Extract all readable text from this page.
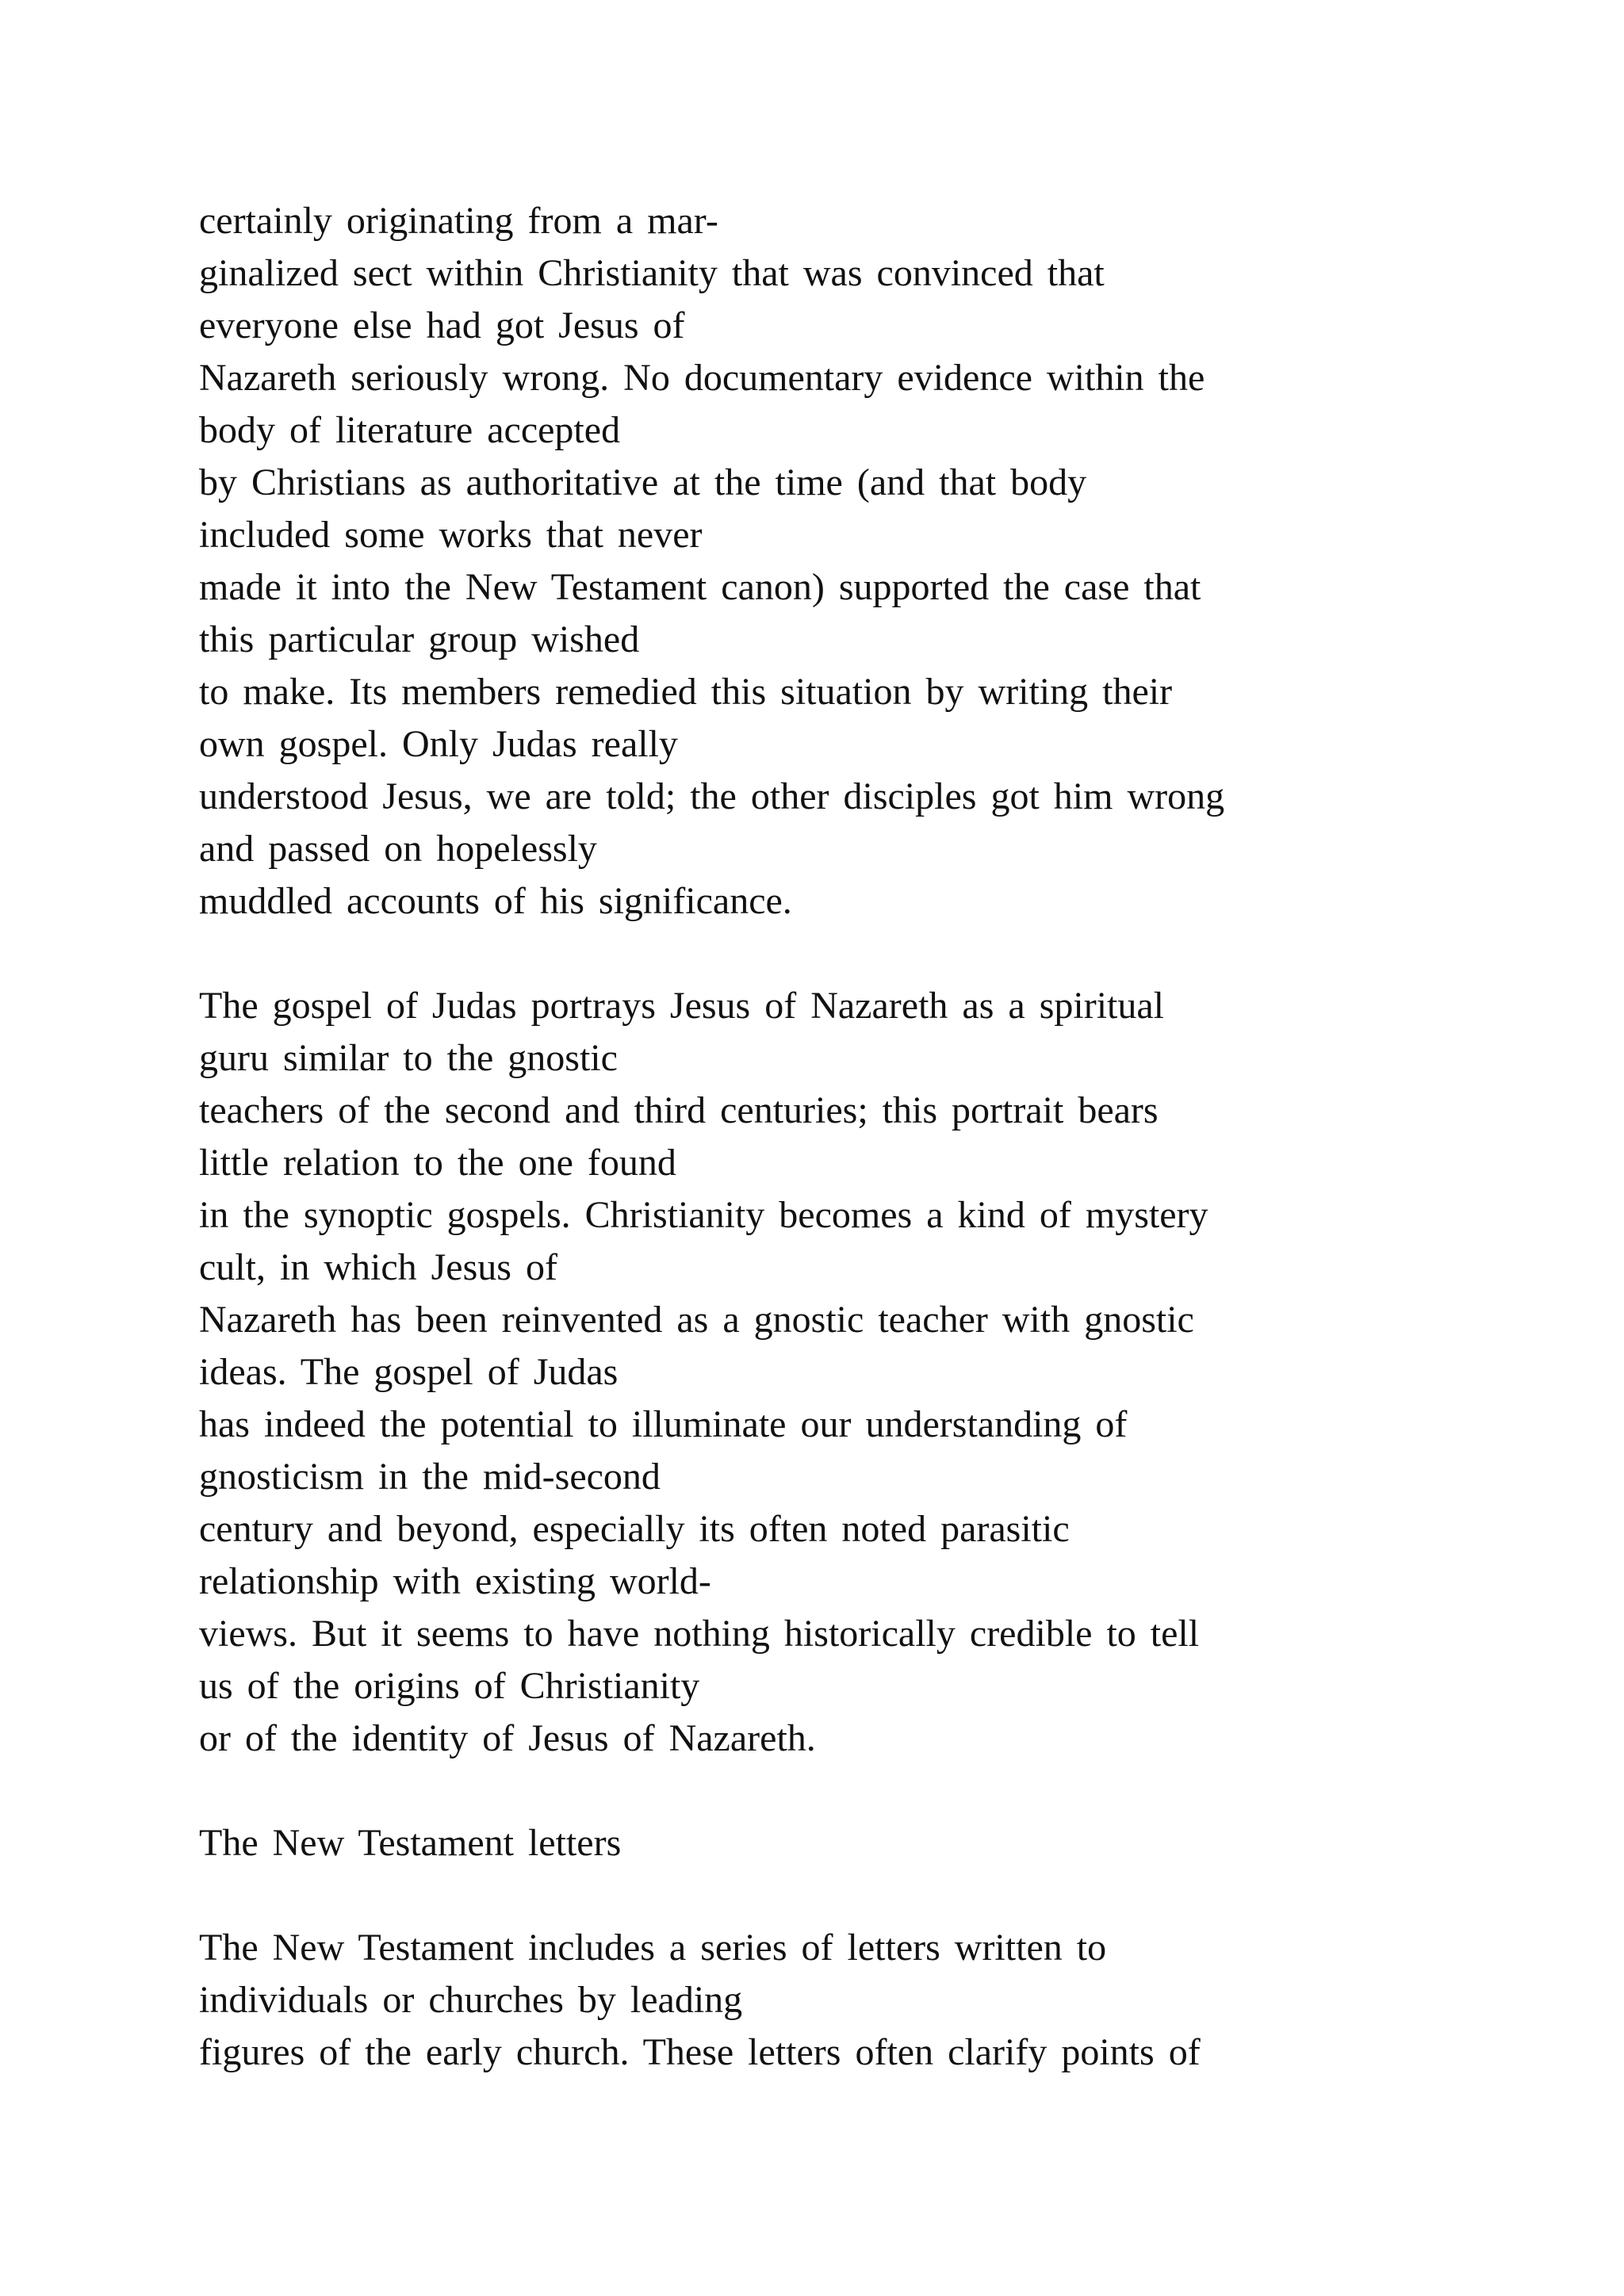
certainly originating from a mar-
ginalized sect within Christianity that was convinced that
everyone else had got Jesus of
Nazareth seriously wrong. No documentary evidence within the
body of literature accepted
by Christians as authoritative at the time (and that body
included some works that never
made it into the New Testament canon) supported the case that
this particular group wished
to make. Its members remedied this situation by writing their
own gospel. Only Judas really
understood Jesus, we are told; the other disciples got him wrong
and passed on hopelessly
muddled accounts of his significance.
The gospel of Judas portrays Jesus of Nazareth as a spiritual
guru similar to the gnostic
teachers of the second and third centuries; this portrait bears
little relation to the one found
in the synoptic gospels. Christianity becomes a kind of mystery
cult, in which Jesus of
Nazareth has been reinvented as a gnostic teacher with gnostic
ideas. The gospel of Judas
has indeed the potential to illuminate our understanding of
gnosticism in the mid-second
century and beyond, especially its often noted parasitic
relationship with existing world-
views. But it seems to have nothing historically credible to tell
us of the origins of Christianity
or of the identity of Jesus of Nazareth.
The New Testament letters
The New Testament includes a series of letters written to
individuals or churches by leading
figures of the early church. These letters often clarify points of
